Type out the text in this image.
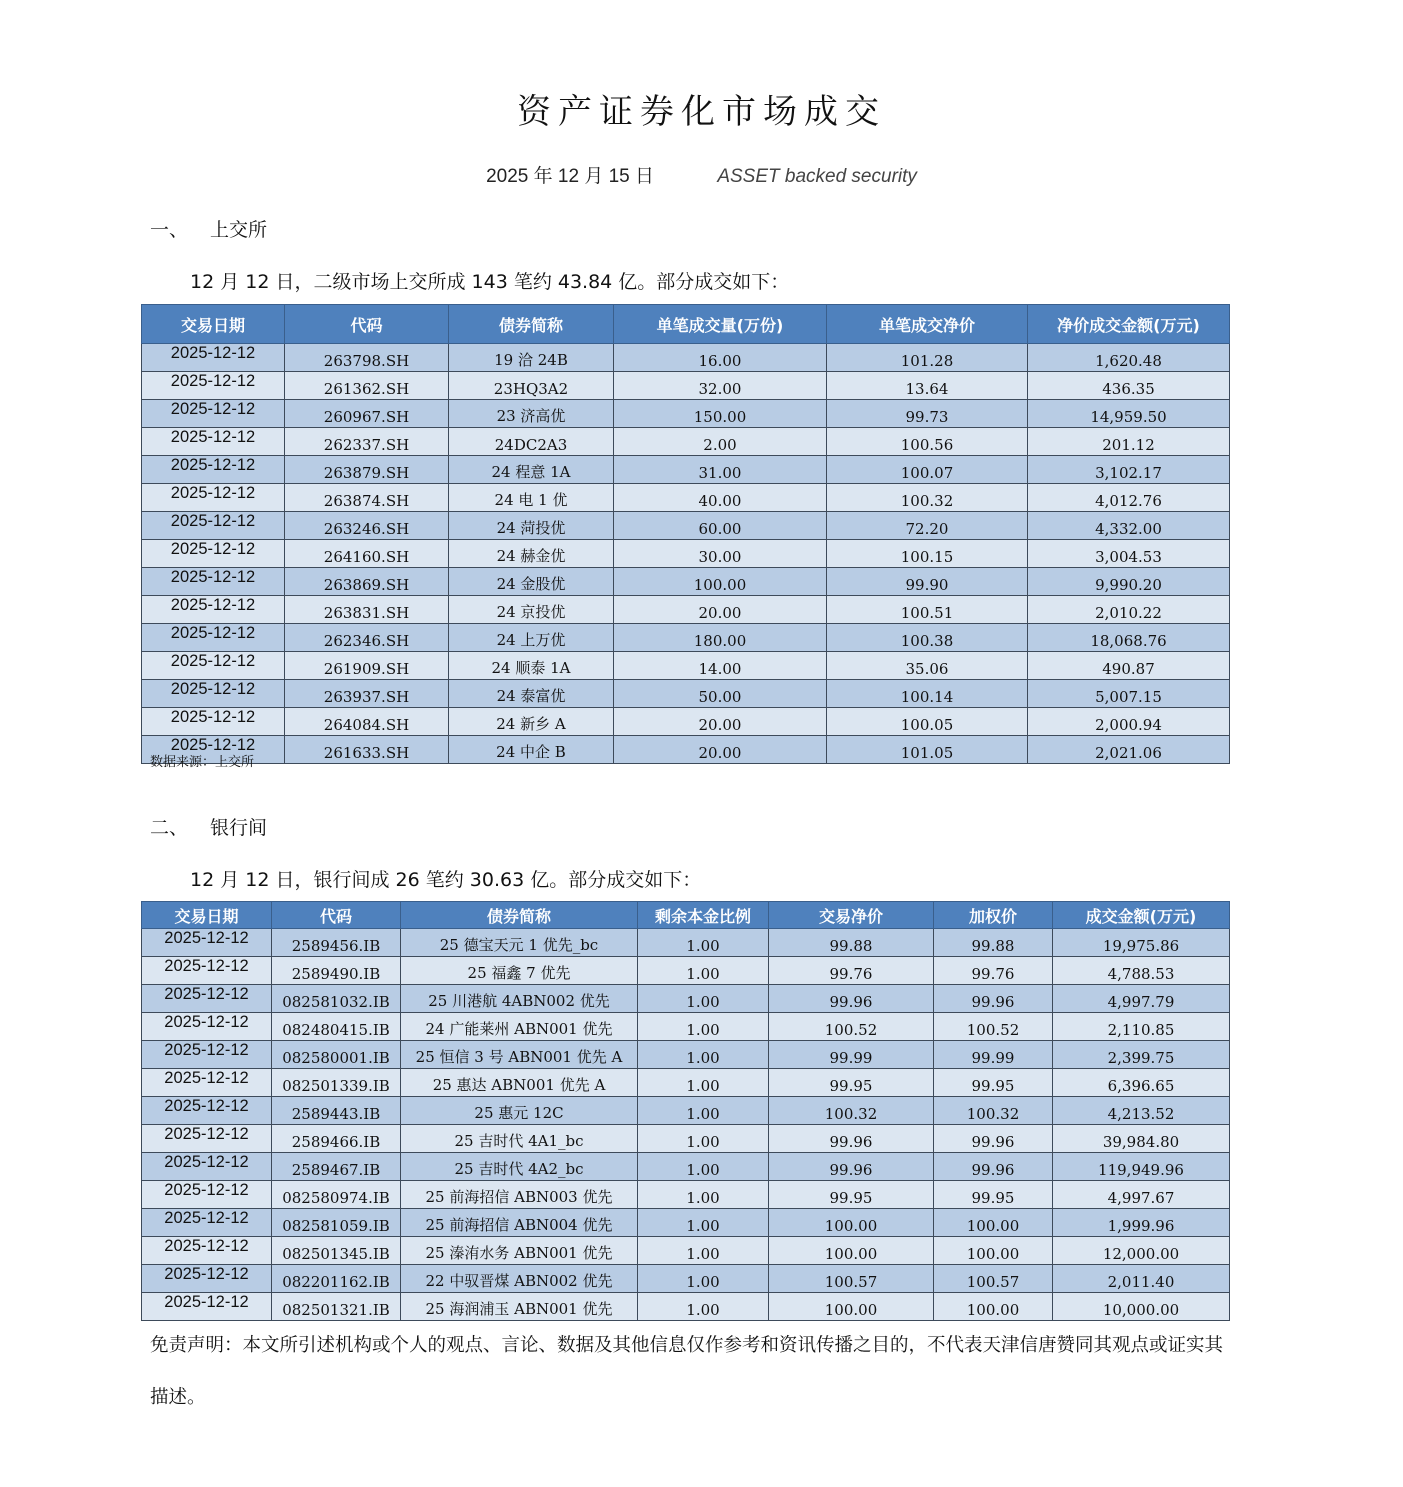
资产证券化市场成交
2025 年 12 月 15 日	ASSET backed security
一、 上交所
12 月 12 日，二级市场上交所成 143 笔约 43.84 亿。部分成交如下：
交易日期	代码	债券简称	单笔成交量(万份)	单笔成交净价	净价成交金额(万元)
2025-12-12	263798.SH	19 洽 24B	16.00	101.28	1,620.48
2025-12-12	261362.SH	23HQ3A2	32.00	13.64	436.35
2025-12-12	260967.SH	23 济高优	150.00	99.73	14,959.50
2025-12-12	262337.SH	24DC2A3	2.00	100.56	201.12
2025-12-12	263879.SH	24 程意 1A	31.00	100.07	3,102.17
2025-12-12	263874.SH	24 电 1 优	40.00	100.32	4,012.76
2025-12-12	263246.SH	24 菏投优	60.00	72.20	4,332.00
2025-12-12	264160.SH	24 赫金优	30.00	100.15	3,004.53
2025-12-12	263869.SH	24 金股优	100.00	99.90	9,990.20
2025-12-12	263831.SH	24 京投优	20.00	100.51	2,010.22
2025-12-12	262346.SH	24 上万优	180.00	100.38	18,068.76
2025-12-12	261909.SH	24 顺泰 1A	14.00	35.06	490.87
2025-12-12	263937.SH	24 泰富优	50.00	100.14	5,007.15
2025-12-12	264084.SH	24 新乡 A	20.00	100.05	2,000.94
2025-12-12	261633.SH	24 中企 B	20.00	101.05	2,021.06
数据来源：上交所
二、 银行间
12 月 12 日，银行间成 26 笔约 30.63 亿。部分成交如下：
交易日期	代码	债券简称	剩余本金比例	交易净价	加权价	成交金额(万元)
2025-12-12	2589456.IB	25 德宝天元 1 优先_bc	1.00	99.88	99.88	19,975.86
2025-12-12	2589490.IB	25 福鑫 7 优先	1.00	99.76	99.76	4,788.53
2025-12-12	082581032.IB	25 川港航 4ABN002 优先	1.00	99.96	99.96	4,997.79
2025-12-12	082480415.IB	24 广能莱州 ABN001 优先	1.00	100.52	100.52	2,110.85
2025-12-12	082580001.IB	25 恒信 3 号 ABN001 优先 A	1.00	99.99	99.99	2,399.75
2025-12-12	082501339.IB	25 惠达 ABN001 优先 A	1.00	99.95	99.95	6,396.65
2025-12-12	2589443.IB	25 惠元 12C	1.00	100.32	100.32	4,213.52
2025-12-12	2589466.IB	25 吉时代 4A1_bc	1.00	99.96	99.96	39,984.80
2025-12-12	2589467.IB	25 吉时代 4A2_bc	1.00	99.96	99.96	119,949.96
2025-12-12	082580974.IB	25 前海招信 ABN003 优先	1.00	99.95	99.95	4,997.67
2025-12-12	082581059.IB	25 前海招信 ABN004 优先	1.00	100.00	100.00	1,999.96
2025-12-12	082501345.IB	25 溱洧水务 ABN001 优先	1.00	100.00	100.00	12,000.00
2025-12-12	082201162.IB	22 中驭晋煤 ABN002 优先	1.00	100.57	100.57	2,011.40
2025-12-12	082501321.IB	25 海润浦玉 ABN001 优先	1.00	100.00	100.00	10,000.00
免责声明：本文所引述机构或个人的观点、言论、数据及其他信息仅作参考和资讯传播之目的，不代表天津信唐赞同其观点或证实其描述。
